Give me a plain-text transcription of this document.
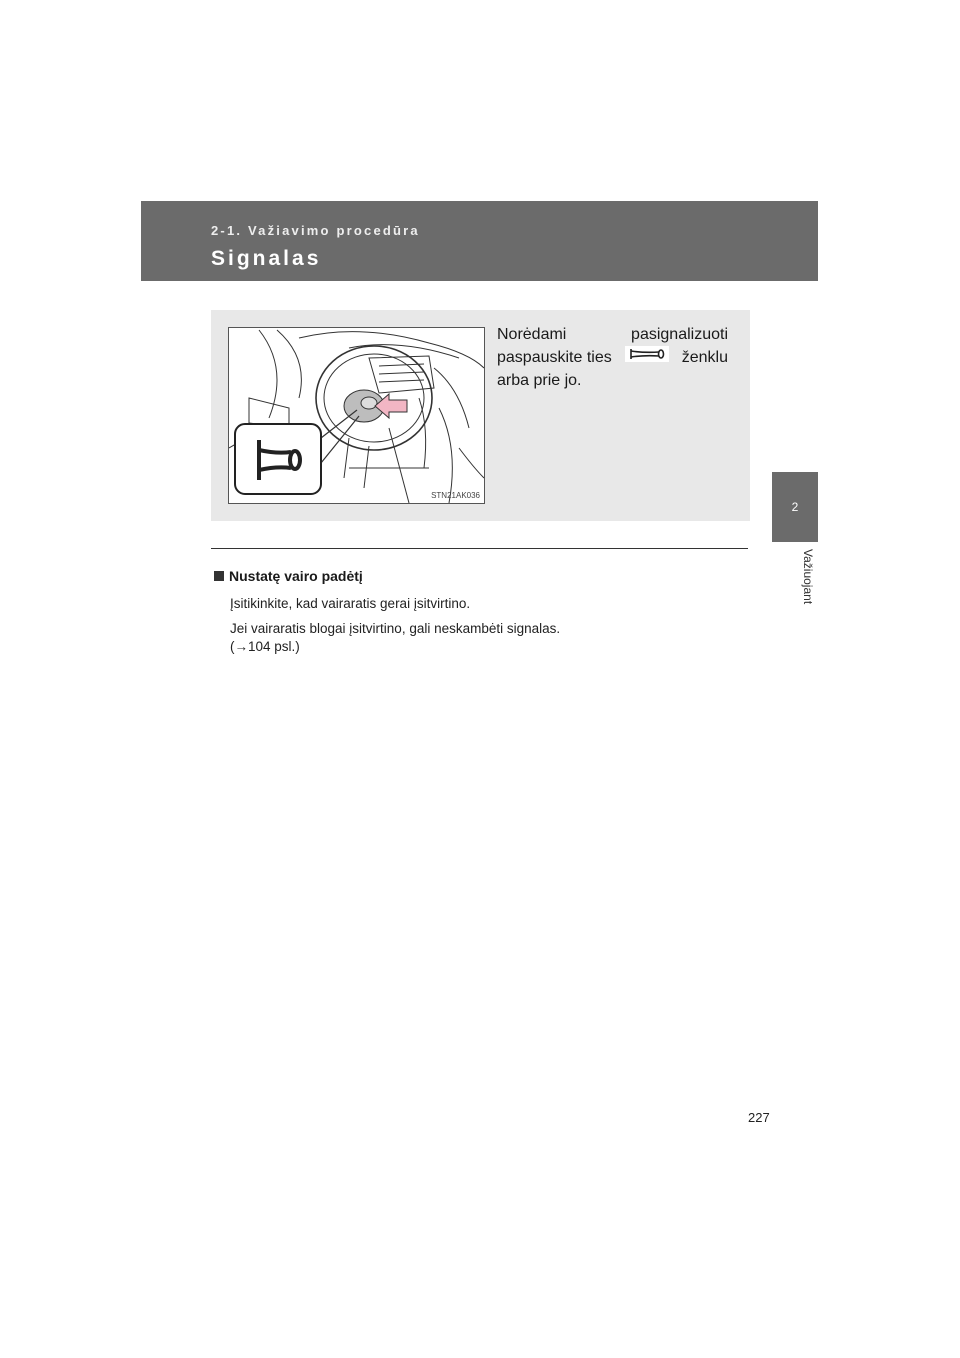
2-1. Važiavimo procedūra

Signalas
2
Važiuojant
STN21AK036
Norėdami	pasignalizuoti
paspauskite ties	ženklu
arba prie jo.
Nustatę vairo padėtį
Įsitikinkite, kad vairaratis gerai įsitvirtino.
Jei vairaratis blogai įsitvirtino, gali neskambėti signalas.
(→104 psl.)
227
